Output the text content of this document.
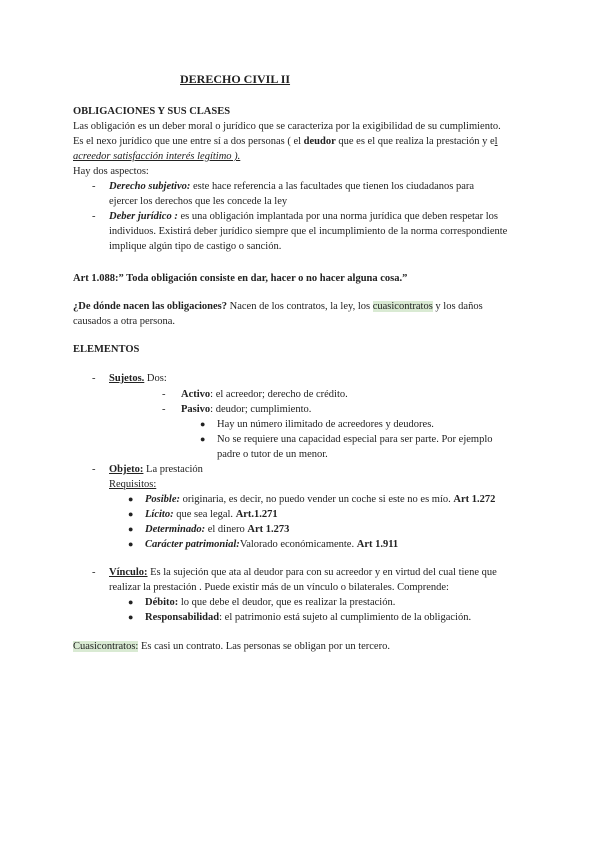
DERECHO CIVIL II
OBLIGACIONES Y SUS CLASES
Las obligación es un deber moral o jurídico que se caracteriza por la exigibilidad de su cumplimiento.
Es el nexo jurídico que une entre sí a dos personas ( el deudor que es el que realiza la prestación y el
acreedor satisfacción interés legítimo ).
Hay dos aspectos:
- Derecho subjetivo: este hace referencia a las facultades que tienen los ciudadanos para
ejercer los derechos que les concede la ley
- Deber jurídico : es una obligación implantada por una norma jurídica que deben respetar los
individuos. Existirá deber jurídico siempre que el incumplimiento de la norma correspondiente
implique algún tipo de castigo o sanción.
Art 1.088:” Toda obligación consiste en dar, hacer o no hacer alguna cosa.”
¿De dónde nacen las obligaciones? Nacen de los contratos, la ley, los cuasicontratos y los daños
causados a otra persona.
ELEMENTOS
- Sujetos. Dos:
- Activo: el acreedor; derecho de crédito.
- Pasivo: deudor; cumplimiento.
● Hay un número ilimitado de acreedores y deudores.
● No se requiere una capacidad especial para ser parte. Por ejemplo
padre o tutor de un menor.
- Objeto: La prestación
Requisitos:
● Posible: originaria, es decir, no puedo vender un coche si este no es mío. Art 1.272
● Lícito: que sea legal. Art.1.271
● Determinado: el dinero Art 1.273
● Carácter patrimonial:Valorado económicamente. Art 1.911
- Vínculo: Es la sujeción que ata al deudor para con su acreedor y en virtud del cual tiene que
realizar la prestación . Puede existir más de un vínculo o bilaterales. Comprende:
● Débito: lo que debe el deudor, que es realizar la prestación.
● Responsabilidad: el patrimonio está sujeto al cumplimiento de la obligación.
Cuasicontratos: Es casi un contrato. Las personas se obligan por un tercero.
